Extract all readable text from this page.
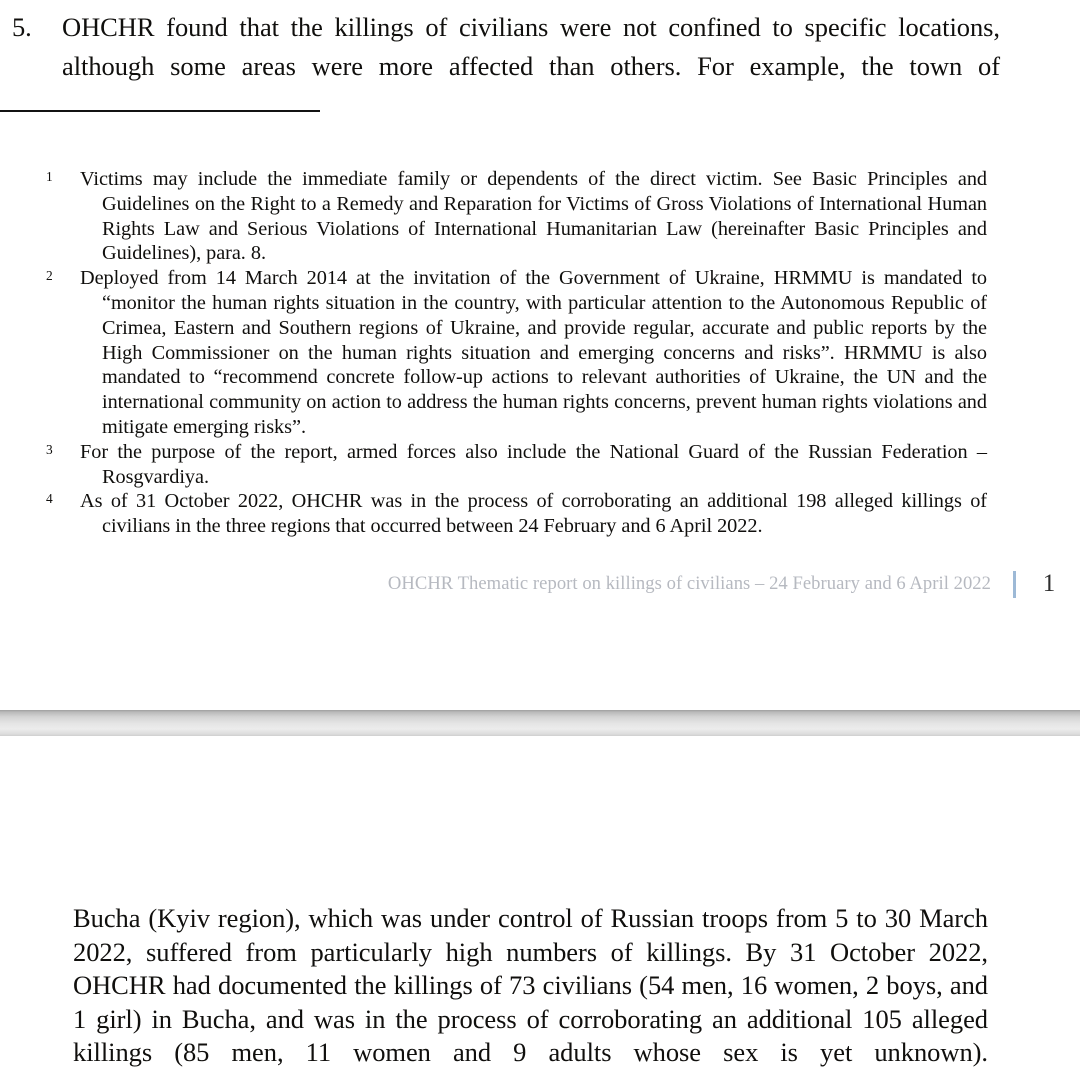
5.	OHCHR found that the killings of civilians were not confined to specific locations, although some areas were more affected than others. For example, the town of
1 Victims may include the immediate family or dependents of the direct victim. See Basic Principles and Guidelines on the Right to a Remedy and Reparation for Victims of Gross Violations of International Human Rights Law and Serious Violations of International Humanitarian Law (hereinafter Basic Principles and Guidelines), para. 8.
2 Deployed from 14 March 2014 at the invitation of the Government of Ukraine, HRMMU is mandated to “monitor the human rights situation in the country, with particular attention to the Autonomous Republic of Crimea, Eastern and Southern regions of Ukraine, and provide regular, accurate and public reports by the High Commissioner on the human rights situation and emerging concerns and risks”. HRMMU is also mandated to “recommend concrete follow-up actions to relevant authorities of Ukraine, the UN and the international community on action to address the human rights concerns, prevent human rights violations and mitigate emerging risks”.
3 For the purpose of the report, armed forces also include the National Guard of the Russian Federation – Rosgvardiya.
4 As of 31 October 2022, OHCHR was in the process of corroborating an additional 198 alleged killings of civilians in the three regions that occurred between 24 February and 6 April 2022.
OHCHR Thematic report on killings of civilians – 24 February and 6 April 2022 1
Bucha (Kyiv region), which was under control of Russian troops from 5 to 30 March 2022, suffered from particularly high numbers of killings. By 31 October 2022, OHCHR had documented the killings of 73 civilians (54 men, 16 women, 2 boys, and 1 girl) in Bucha, and was in the process of corroborating an additional 105 alleged killings (85 men, 11 women and 9 adults whose sex is yet unknown).
